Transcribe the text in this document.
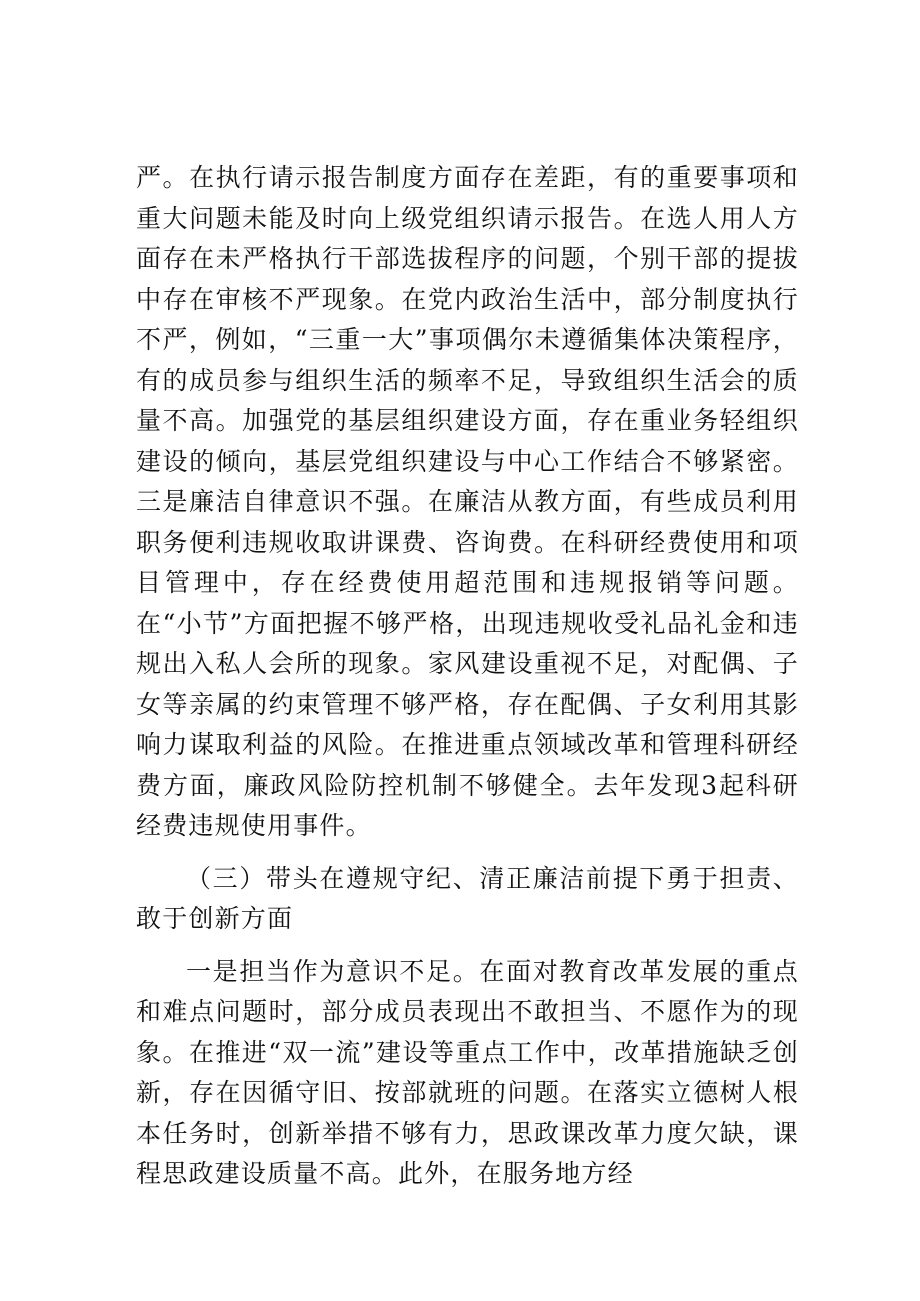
严。在执行请示报告制度方面存在差距，有的重要事项和重大问题未能及时向上级党组织请示报告。在选人用人方面存在未严格执行干部选拔程序的问题，个别干部的提拔中存在审核不严现象。在党内政治生活中，部分制度执行不严，例如，“三重一大”事项偶尔未遵循集体决策程序，有的成员参与组织生活的频率不足，导致组织生活会的质量不高。加强党的基层组织建设方面，存在重业务轻组织建设的倾向，基层党组织建设与中心工作结合不够紧密。三是廉洁自律意识不强。在廉洁从教方面，有些成员利用职务便利违规收取讲课费、咨询费。在科研经费使用和项目管理中，存在经费使用超范围和违规报销等问题。在“小节”方面把握不够严格，出现违规收受礼品礼金和违规出入私人会所的现象。家风建设重视不足，对配偶、子女等亲属的约束管理不够严格，存在配偶、子女利用其影响力谋取利益的风险。在推进重点领域改革和管理科研经费方面，廉政风险防控机制不够健全。去年发现3起科研经费违规使用事件。

（三）带头在遵规守纪、清正廉洁前提下勇于担责、敢于创新方面

一是担当作为意识不足。在面对教育改革发展的重点和难点问题时，部分成员表现出不敢担当、不愿作为的现象。在推进“双一流”建设等重点工作中，改革措施缺乏创新，存在因循守旧、按部就班的问题。在落实立德树人根本任务时，创新举措不够有力，思政课改革力度欠缺，课程思政建设质量不高。此外，在服务地方经
